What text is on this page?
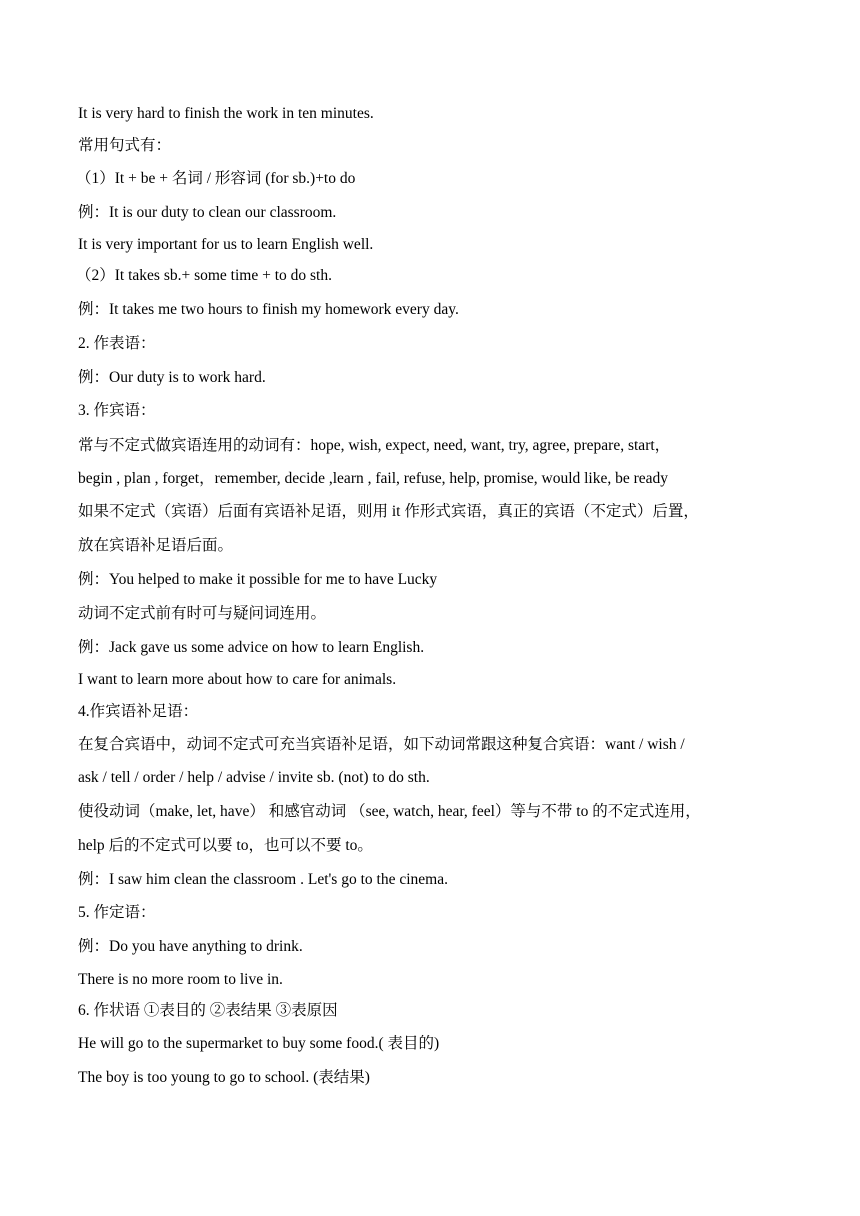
It is very hard to finish the work in ten minutes.
常用句式有：
（1）It + be + 名词 / 形容词 (for sb.)+to do
例：It is our duty to clean our classroom.
It is very important for us to learn English well.
（2）It takes sb.+ some time + to do sth.
例：It takes me two hours to finish my homework every day.
2. 作表语：
例：Our duty is to work hard.
3. 作宾语：
常与不定式做宾语连用的动词有：hope, wish, expect, need, want, try, agree, prepare, start，
begin , plan , forget，remember, decide ,learn , fail, refuse, help, promise, would like, be ready
如果不定式（宾语）后面有宾语补足语，则用 it 作形式宾语，真正的宾语（不定式）后置，
放在宾语补足语后面。
例：You helped to make it possible for me to have Lucky
动词不定式前有时可与疑问词连用。
例：Jack gave us some advice on how to learn English.
I want to learn more about how to care for animals.
4.作宾语补足语：
在复合宾语中，动词不定式可充当宾语补足语，如下动词常跟这种复合宾语：want / wish /
ask / tell / order / help / advise / invite sb. (not) to do sth.
使役动词（make, let, have） 和感官动词 （see, watch, hear, feel）等与不带 to 的不定式连用，
help 后的不定式可以要 to，也可以不要 to。
例：I saw him clean the classroom . Let's go to the cinema.
5. 作定语：
例：Do you have anything to drink.
There is no more room to live in.
6. 作状语 ①表目的 ②表结果 ③表原因
He will go to the supermarket to buy some food.( 表目的)
The boy is too young to go to school. (表结果)
